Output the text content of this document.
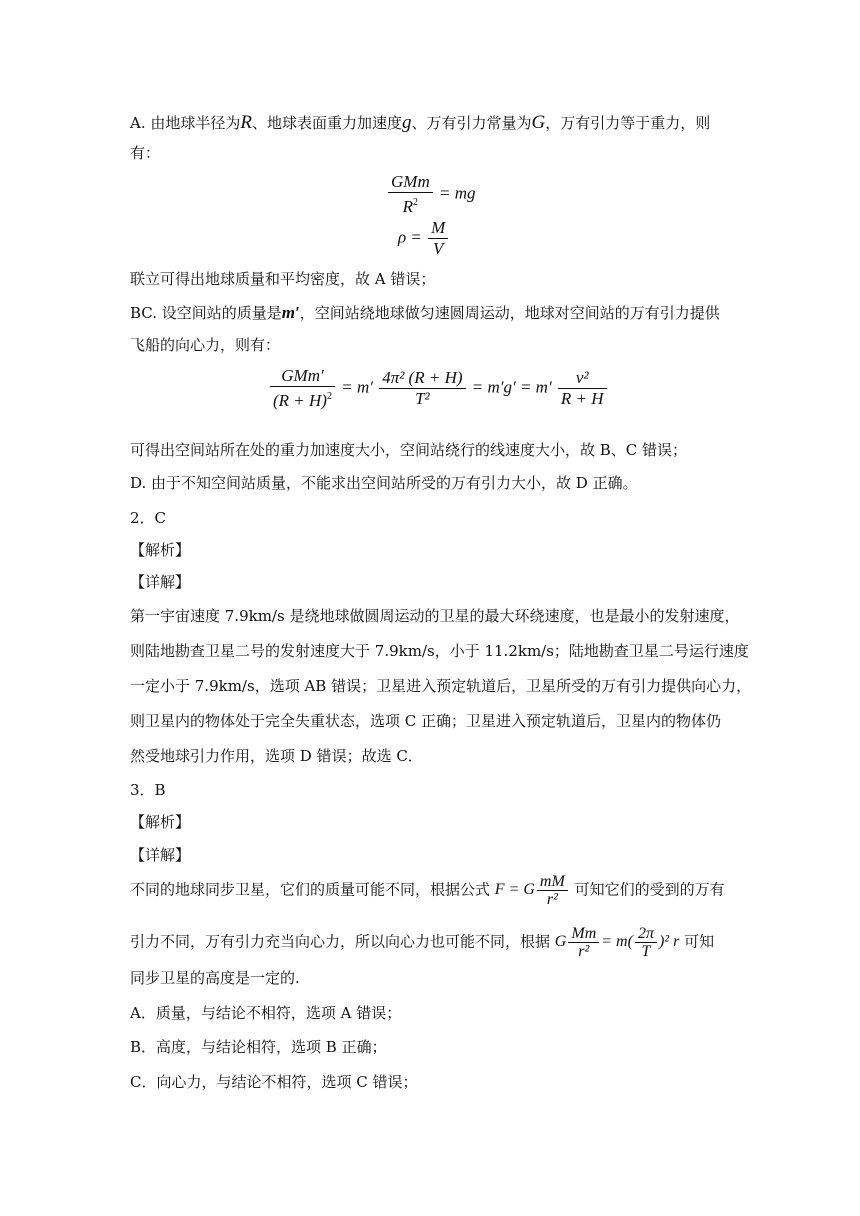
A. 由地球半径为R、地球表面重力加速度g、万有引力常量为G，万有引力等于重力，则
有：
$\frac{\text{GMm}}{R^2}$ = mg
$\rho = \frac{M}{V}$
联立可得出地球质量和平均密度，故 A 错误；
BC. 设空间站的质量是m′，空间站绕地球做匀速圆周运动，地球对空间站的万有引力提供
飞船的向心力，则有：
$\frac{\text{GMm′}}{(R + H)^2} = m' \frac{\text{4π² (R + H)}}{\text{T²}} = m'g' = m' \frac{\text{v²}}{R + H}$
可得出空间站所在处的重力加速度大小，空间站绕行的线速度大小，故 B、C 错误；
D. 由于不知空间站质量，不能求出空间站所受的万有引力大小，故 D 正确。
2．C
【解析】
【详解】
第一宇宙速度 7.9km/s 是绕地球做圆周运动的卫星的最大环绕速度，也是最小的发射速度，
则陆地勘查卫星二号的发射速度大于 7.9km/s，小于 11.2km/s；陆地勘查卫星二号运行速度
一定小于 7.9km/s，选项 AB 错误；卫星进入预定轨道后，卫星所受的万有引力提供向心力，
则卫星内的物体处于完全失重状态，选项 C 正确；卫星进入预定轨道后，卫星内的物体仍
然受地球引力作用，选项 D 错误；故选 C．
3．B
【解析】
【详解】
不同的地球同步卫星，它们的质量可能不同，根据公式 F = G $\frac{mM}{\text{r²}}$ 可知它们的受到的万有
引力不同，万有引力充当向心力，所以向心力也可能不同，根据 G $\frac{Mm}{\text{r²}} = m( \frac{2\pi}{T} )^2$ r 可知
同步卫星的高度是一定的.
A．质量，与结论不相符，选项 A 错误；
B．高度，与结论相符，选项 B 正确；
C．向心力，与结论不相符，选项 C 错误；
